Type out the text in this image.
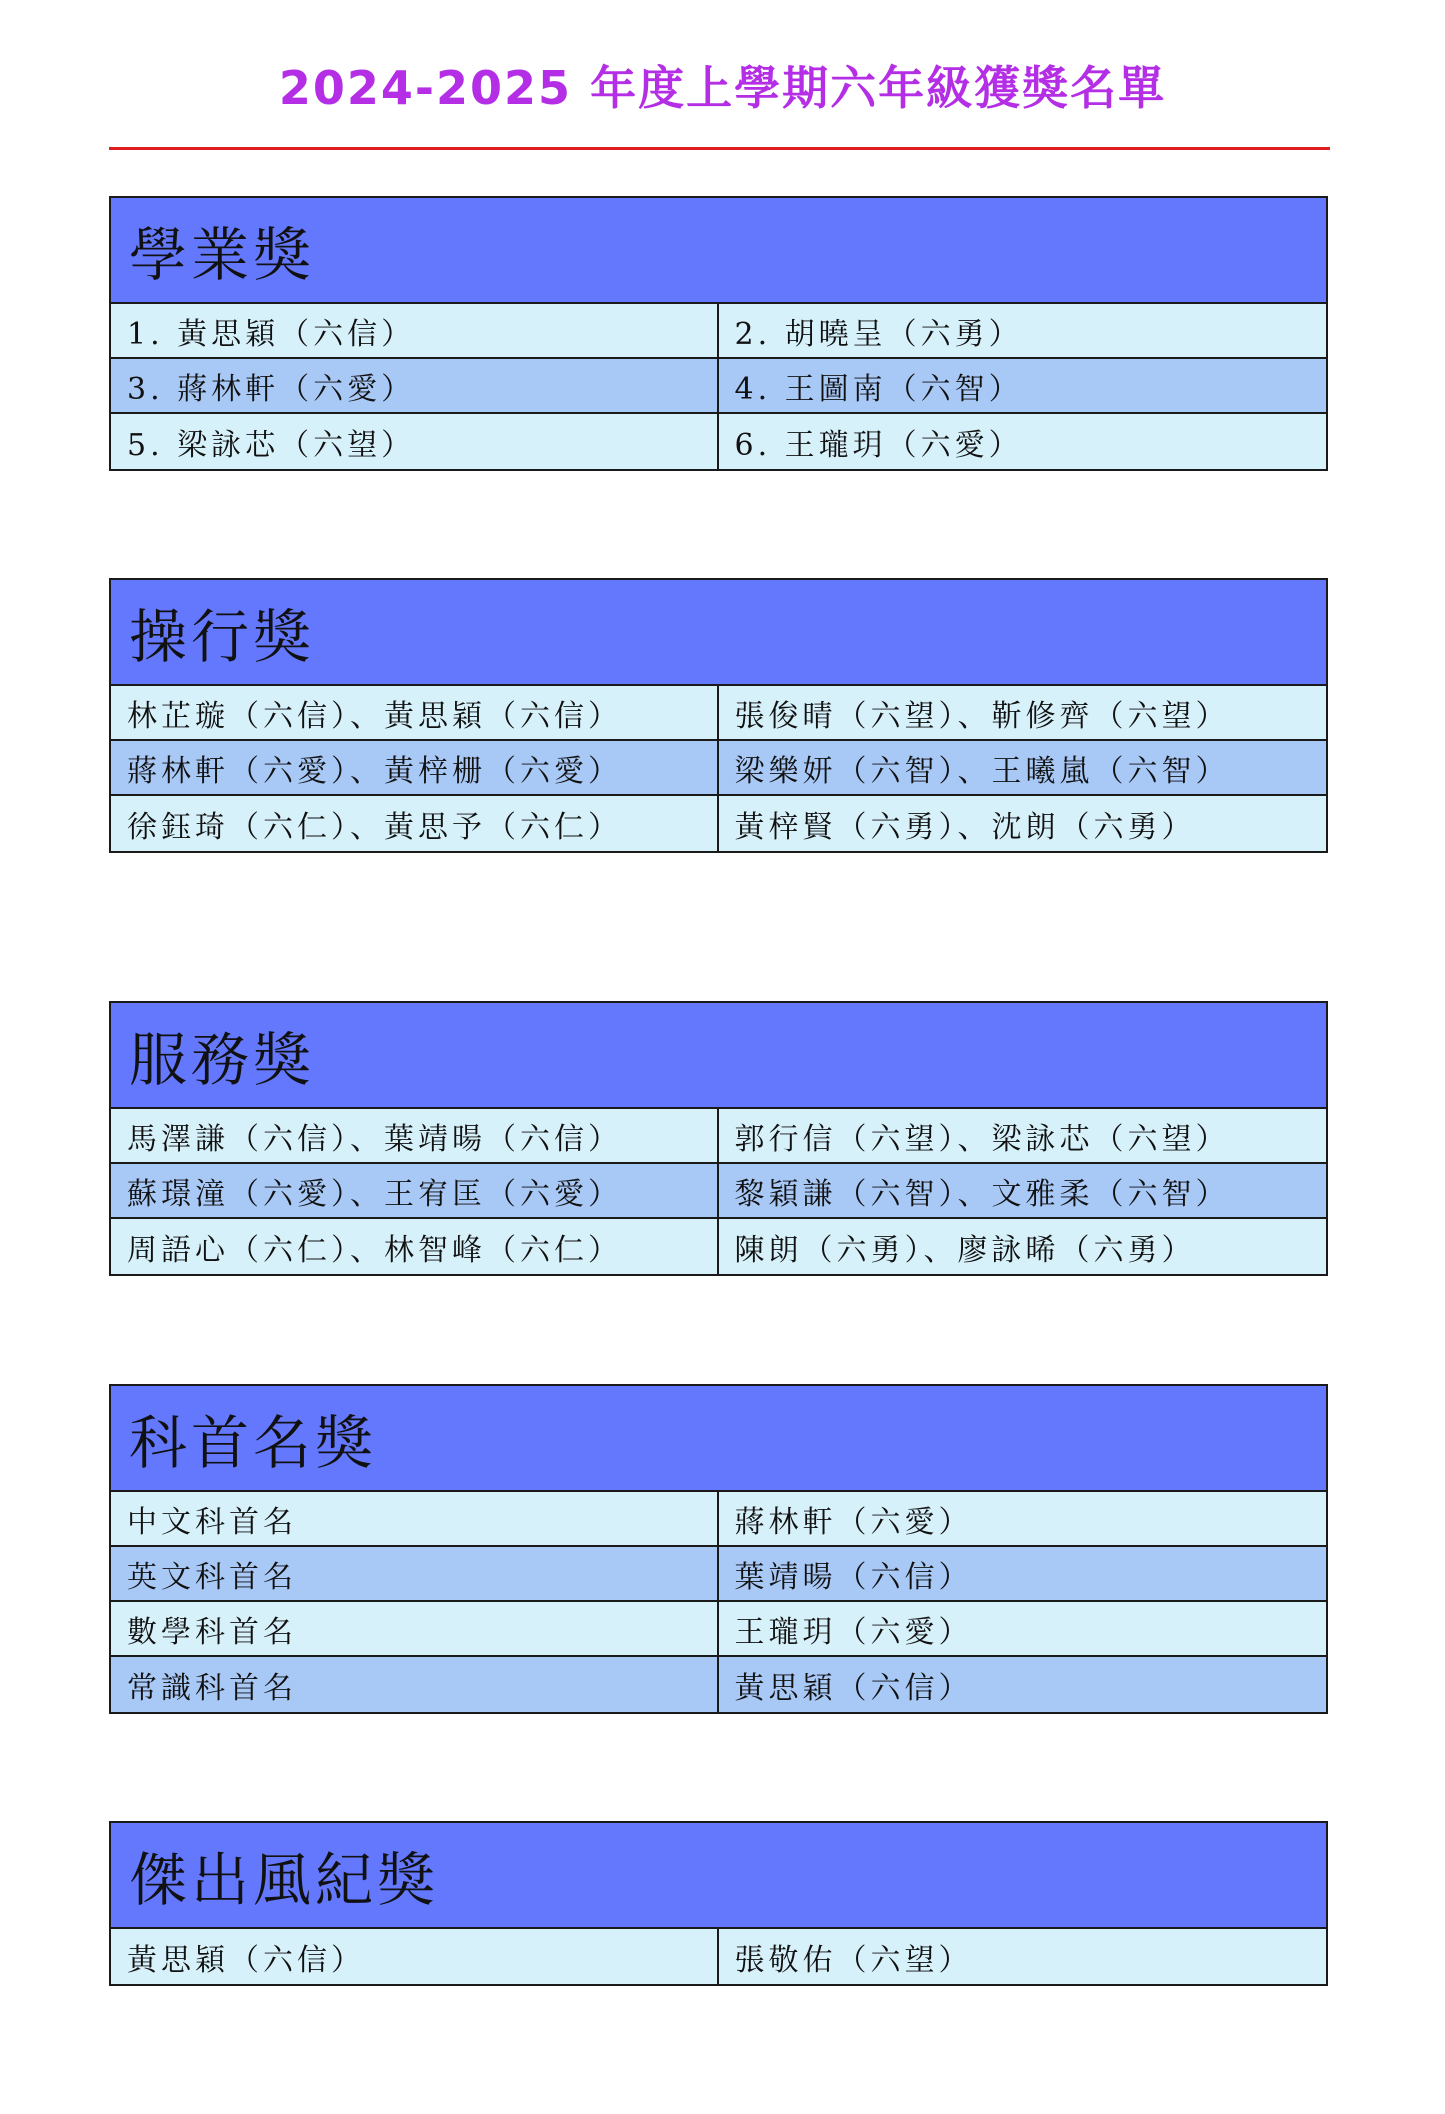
2024-2025 年度上學期六年級獲獎名單
學業獎
1. 黃思穎（六信）	2. 胡曉呈（六勇）
3. 蔣林軒（六愛）	4. 王圖南（六智）
5. 梁詠芯（六望）	6. 王瓏玥（六愛）
操行獎
林芷璇（六信）、黃思穎（六信）	張俊晴（六望）、靳修齊（六望）
蔣林軒（六愛）、黃梓栅（六愛）	梁樂妍（六智）、王曦嵐（六智）
徐鈺琦（六仁）、黃思予（六仁）	黃梓賢（六勇）、沈朗（六勇）
服務獎
馬澤謙（六信）、葉靖暘（六信）	郭行信（六望）、梁詠芯（六望）
蘇璟潼（六愛）、王宥匡（六愛）	黎穎謙（六智）、文雅柔（六智）
周語心（六仁）、林智峰（六仁）	陳朗（六勇）、廖詠晞（六勇）
科首名獎
中文科首名	蔣林軒（六愛）
英文科首名	葉靖暘（六信）
數學科首名	王瓏玥（六愛）
常識科首名	黃思穎（六信）
傑出風紀獎
黃思穎（六信）	張敬佑（六望）
